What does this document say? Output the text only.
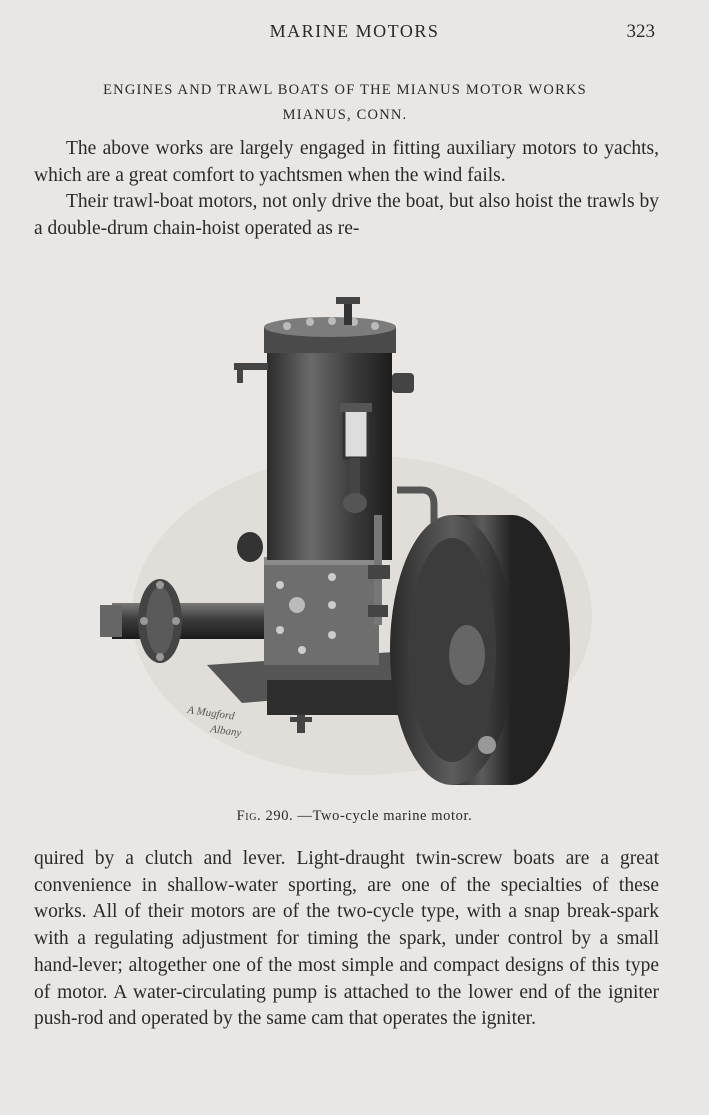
MARINE MOTORS	323
ENGINES AND TRAWL BOATS OF THE MIANUS MOTOR WORKS
MIANUS, CONN.

The above works are largely engaged in fitting auxiliary motors to yachts, which are a great comfort to yachtsmen when the wind fails.

Their trawl-boat motors, not only drive the boat, but also hoist the trawls by a double-drum chain-hoist operated as re-

A Mugford
Albany
Fig. 290. —Two-cycle marine motor.

quired by a clutch and lever. Light-draught twin-screw boats are a great convenience in shallow-water sporting, are one of the specialties of these works. All of their motors are of the two-cycle type, with a snap break-spark with a regulating adjustment for timing the spark, under control by a small hand-lever; altogether one of the most simple and compact designs of this type of motor. A water-circulating pump is attached to the lower end of the igniter push-rod and operated by the same cam that operates the igniter.
